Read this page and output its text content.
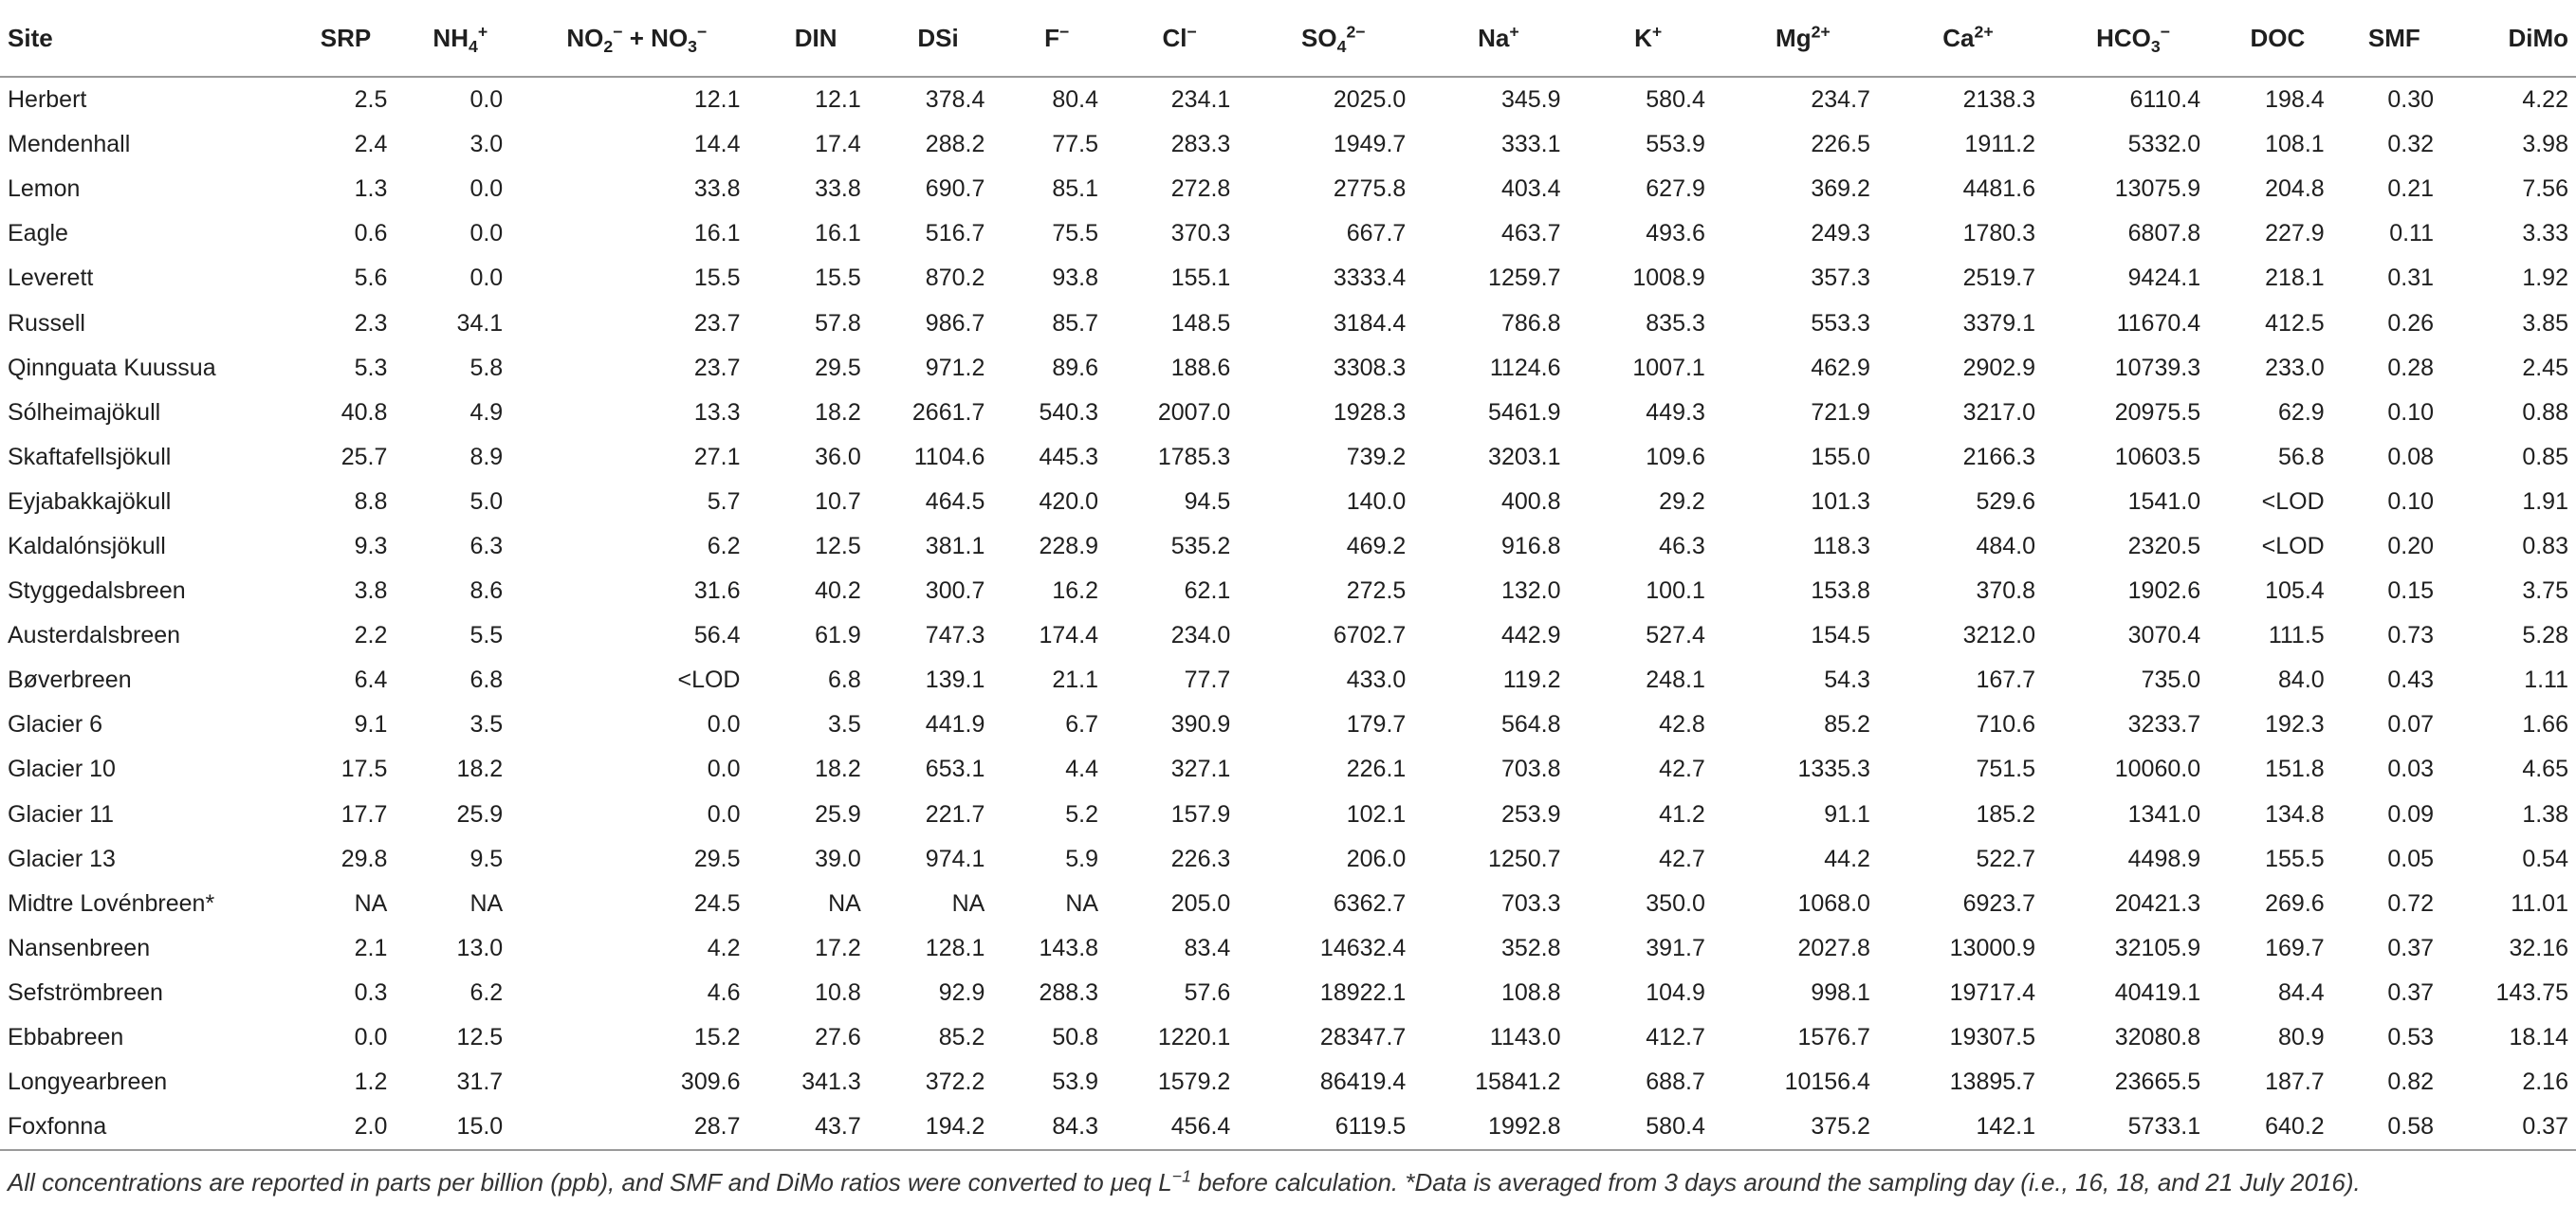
Site	SRP	$NH_4^+$	$NO_2^- + NO_3^-$	DIN	DSi	F−	Cl−	$SO_4^{2-}$	Na+	K+	$Mg^{2+}$	$Ca^{2+}$	$HCO_3^-$	DOC	SMF	DiMo
Herbert	2.5	0.0	12.1	12.1	378.4	80.4	234.1	2025.0	345.9	580.4	234.7	2138.3	6110.4	198.4	0.30	4.22
Mendenhall	2.4	3.0	14.4	17.4	288.2	77.5	283.3	1949.7	333.1	553.9	226.5	1911.2	5332.0	108.1	0.32	3.98
Lemon	1.3	0.0	33.8	33.8	690.7	85.1	272.8	2775.8	403.4	627.9	369.2	4481.6	13075.9	204.8	0.21	7.56
Eagle	0.6	0.0	16.1	16.1	516.7	75.5	370.3	667.7	463.7	493.6	249.3	1780.3	6807.8	227.9	0.11	3.33
Leverett	5.6	0.0	15.5	15.5	870.2	93.8	155.1	3333.4	1259.7	1008.9	357.3	2519.7	9424.1	218.1	0.31	1.92
Russell	2.3	34.1	23.7	57.8	986.7	85.7	148.5	3184.4	786.8	835.3	553.3	3379.1	11670.4	412.5	0.26	3.85
Qinnguata Kuussua	5.3	5.8	23.7	29.5	971.2	89.6	188.6	3308.3	1124.6	1007.1	462.9	2902.9	10739.3	233.0	0.28	2.45
Sólheimajökull	40.8	4.9	13.3	18.2	2661.7	540.3	2007.0	1928.3	5461.9	449.3	721.9	3217.0	20975.5	62.9	0.10	0.88
Skaftafellsjökull	25.7	8.9	27.1	36.0	1104.6	445.3	1785.3	739.2	3203.1	109.6	155.0	2166.3	10603.5	56.8	0.08	0.85
Eyjabakkajökull	8.8	5.0	5.7	10.7	464.5	420.0	94.5	140.0	400.8	29.2	101.3	529.6	1541.0	<LOD	0.10	1.91
Kaldalónsjökull	9.3	6.3	6.2	12.5	381.1	228.9	535.2	469.2	916.8	46.3	118.3	484.0	2320.5	<LOD	0.20	0.83
Styggedalsbreen	3.8	8.6	31.6	40.2	300.7	16.2	62.1	272.5	132.0	100.1	153.8	370.8	1902.6	105.4	0.15	3.75
Austerdalsbreen	2.2	5.5	56.4	61.9	747.3	174.4	234.0	6702.7	442.9	527.4	154.5	3212.0	3070.4	111.5	0.73	5.28
Bøverbreen	6.4	6.8	<LOD	6.8	139.1	21.1	77.7	433.0	119.2	248.1	54.3	167.7	735.0	84.0	0.43	1.11
Glacier 6	9.1	3.5	0.0	3.5	441.9	6.7	390.9	179.7	564.8	42.8	85.2	710.6	3233.7	192.3	0.07	1.66
Glacier 10	17.5	18.2	0.0	18.2	653.1	4.4	327.1	226.1	703.8	42.7	1335.3	751.5	10060.0	151.8	0.03	4.65
Glacier 11	17.7	25.9	0.0	25.9	221.7	5.2	157.9	102.1	253.9	41.2	91.1	185.2	1341.0	134.8	0.09	1.38
Glacier 13	29.8	9.5	29.5	39.0	974.1	5.9	226.3	206.0	1250.7	42.7	44.2	522.7	4498.9	155.5	0.05	0.54
Midtre Lovénbreen*	NA	NA	24.5	NA	NA	NA	205.0	6362.7	703.3	350.0	1068.0	6923.7	20421.3	269.6	0.72	11.01
Nansenbreen	2.1	13.0	4.2	17.2	128.1	143.8	83.4	14632.4	352.8	391.7	2027.8	13000.9	32105.9	169.7	0.37	32.16
Sefströmbreen	0.3	6.2	4.6	10.8	92.9	288.3	57.6	18922.1	108.8	104.9	998.1	19717.4	40419.1	84.4	0.37	143.75
Ebbabreen	0.0	12.5	15.2	27.6	85.2	50.8	1220.1	28347.7	1143.0	412.7	1576.7	19307.5	32080.8	80.9	0.53	18.14
Longyearbreen	1.2	31.7	309.6	341.3	372.2	53.9	1579.2	86419.4	15841.2	688.7	10156.4	13895.7	23665.5	187.7	0.82	2.16
Foxfonna	2.0	15.0	28.7	43.7	194.2	84.3	456.4	6119.5	1992.8	580.4	375.2	142.1	5733.1	640.2	0.58	0.37
All concentrations are reported in parts per billion (ppb), and SMF and DiMo ratios were converted to μeq $L^{-1}$ before calculation. *Data is averaged from 3 days around the sampling day (i.e., 16, 18, and 21 July 2016).
